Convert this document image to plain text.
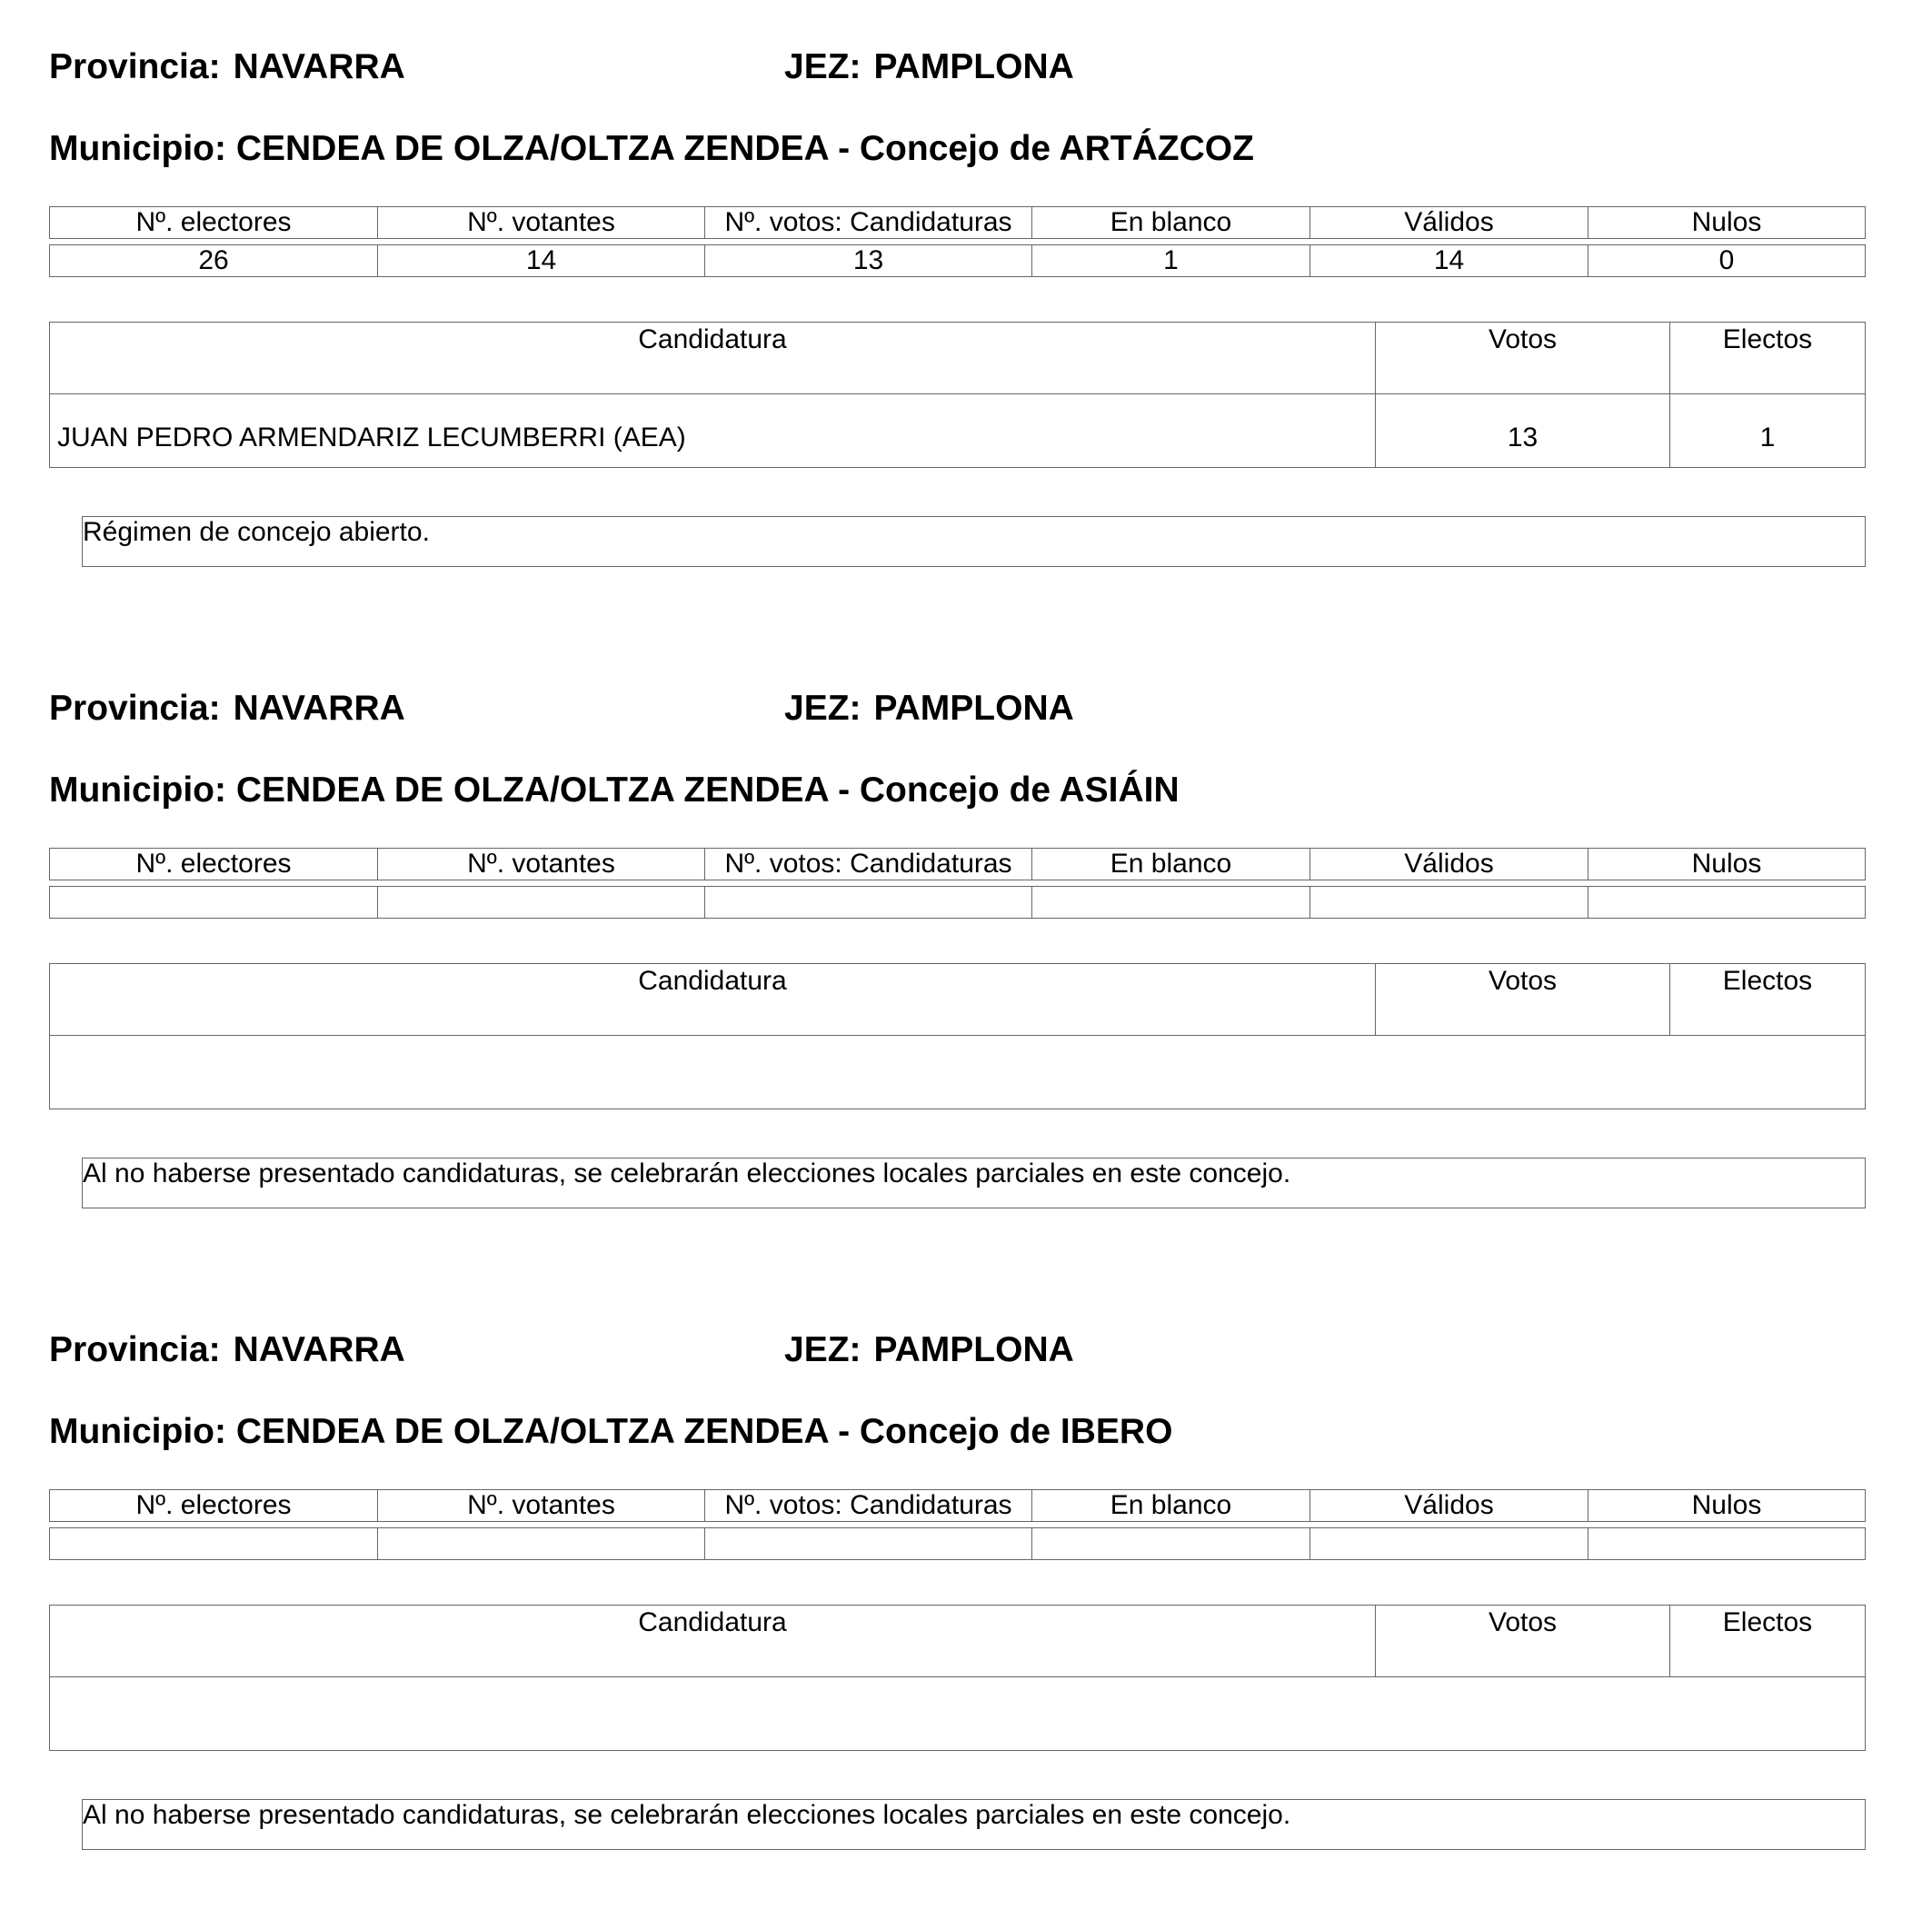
Provincia: NAVARRA	JEZ: PAMPLONA
Municipio: CENDEA DE OLZA/OLTZA ZENDEA - Concejo de ARTÁZCOZ
Nº. electores	Nº. votantes	Nº. votos: Candidaturas	En blanco	Válidos	Nulos
26	14	13	1	14	0
Candidatura	Votos	Electos
JUAN PEDRO ARMENDARIZ LECUMBERRI (AEA)	13	1
Régimen de concejo abierto.
Provincia: NAVARRA	JEZ: PAMPLONA
Municipio: CENDEA DE OLZA/OLTZA ZENDEA - Concejo de ASIÁIN
Nº. electores	Nº. votantes	Nº. votos: Candidaturas	En blanco	Válidos	Nulos
Candidatura	Votos	Electos
Al no haberse presentado candidaturas, se celebrarán elecciones locales parciales en este concejo.
Provincia: NAVARRA	JEZ: PAMPLONA
Municipio: CENDEA DE OLZA/OLTZA ZENDEA - Concejo de IBERO
Nº. electores	Nº. votantes	Nº. votos: Candidaturas	En blanco	Válidos	Nulos
Candidatura	Votos	Electos
Al no haberse presentado candidaturas, se celebrarán elecciones locales parciales en este concejo.
